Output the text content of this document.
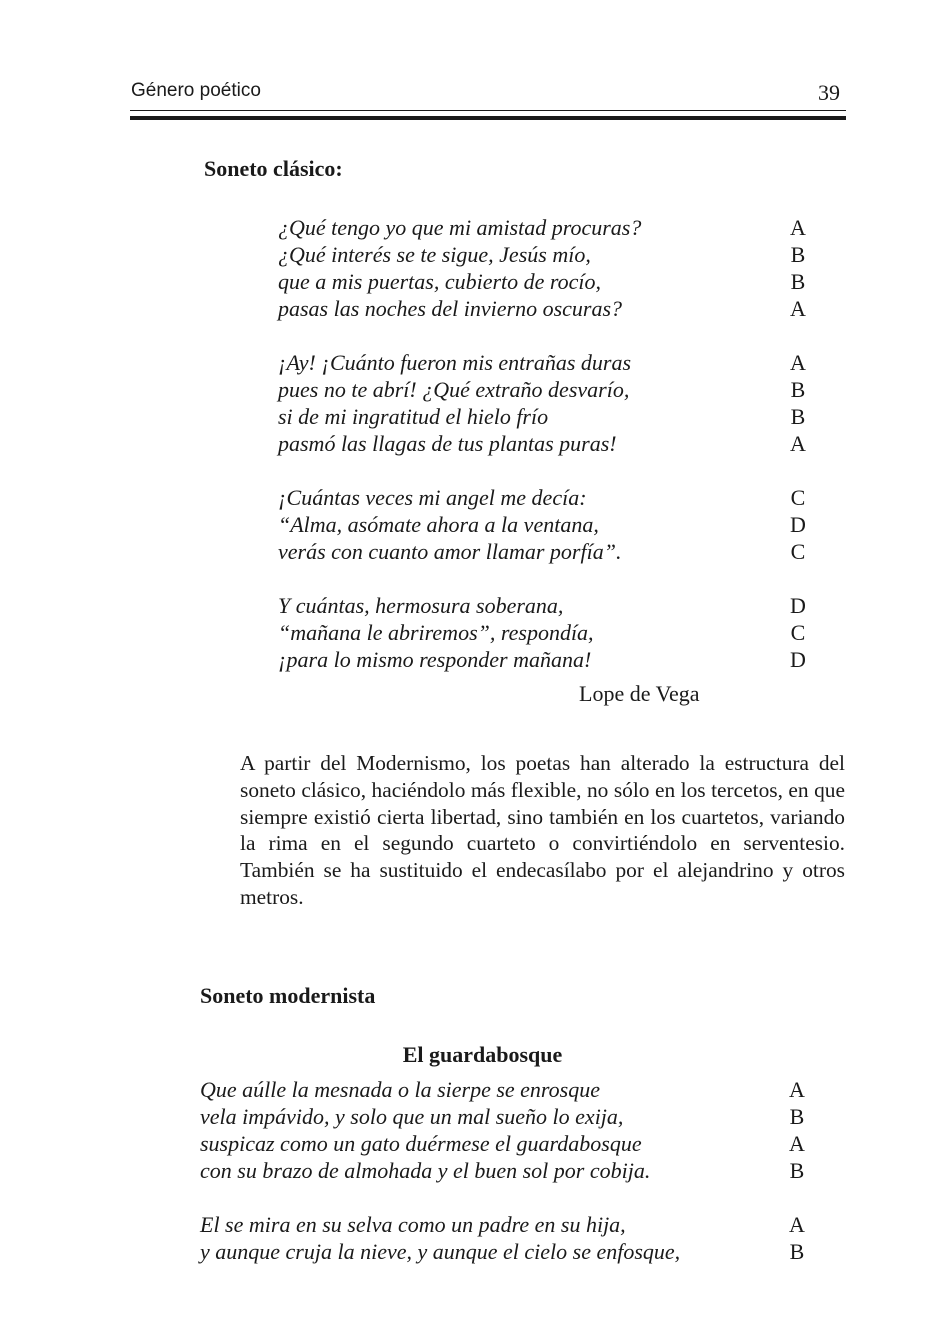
Género poético	39
Soneto clásico:
¿Qué tengo yo que mi amistad procuras?	A
¿Qué interés se te sigue, Jesús mío,	B
que a mis puertas, cubierto de rocío,	B
pasas las noches del invierno oscuras?	A
¡Ay! ¡Cuánto fueron mis entrañas duras	A
pues no te abrí! ¿Qué extraño desvarío,	B
si de mi ingratitud el hielo frío	B
pasmó las llagas de tus plantas puras!	A
¡Cuántas veces mi angel me decía:	C
“Alma, asómate ahora a la ventana,	D
verás con cuanto amor llamar porfía”.	C
Y cuántas, hermosura soberana,	D
“mañana le abriremos”, respondía,	C
¡para lo mismo responder mañana!	D
Lope de Vega

A partir del Modernismo, los poetas han alterado la estructura del soneto clásico, haciéndolo más flexible, no sólo en los tercetos, en que siempre existió cierta libertad, sino también en los cuartetos, variando la rima en el segundo cuarteto o convirtiéndolo en serventesio. También se ha sustituido el endecasílabo por el alejandrino y otros metros.

Soneto modernista
El guardabosque
Que aúlle la mesnada o la sierpe se enrosque	A
vela impávido, y solo que un mal sueño lo exija,	B
suspicaz como un gato duérmese el guardabosque	A
con su brazo de almohada y el buen sol por cobija.	B
El se mira en su selva como un padre en su hija,	A
y aunque cruja la nieve, y aunque el cielo se enfosque,	B
